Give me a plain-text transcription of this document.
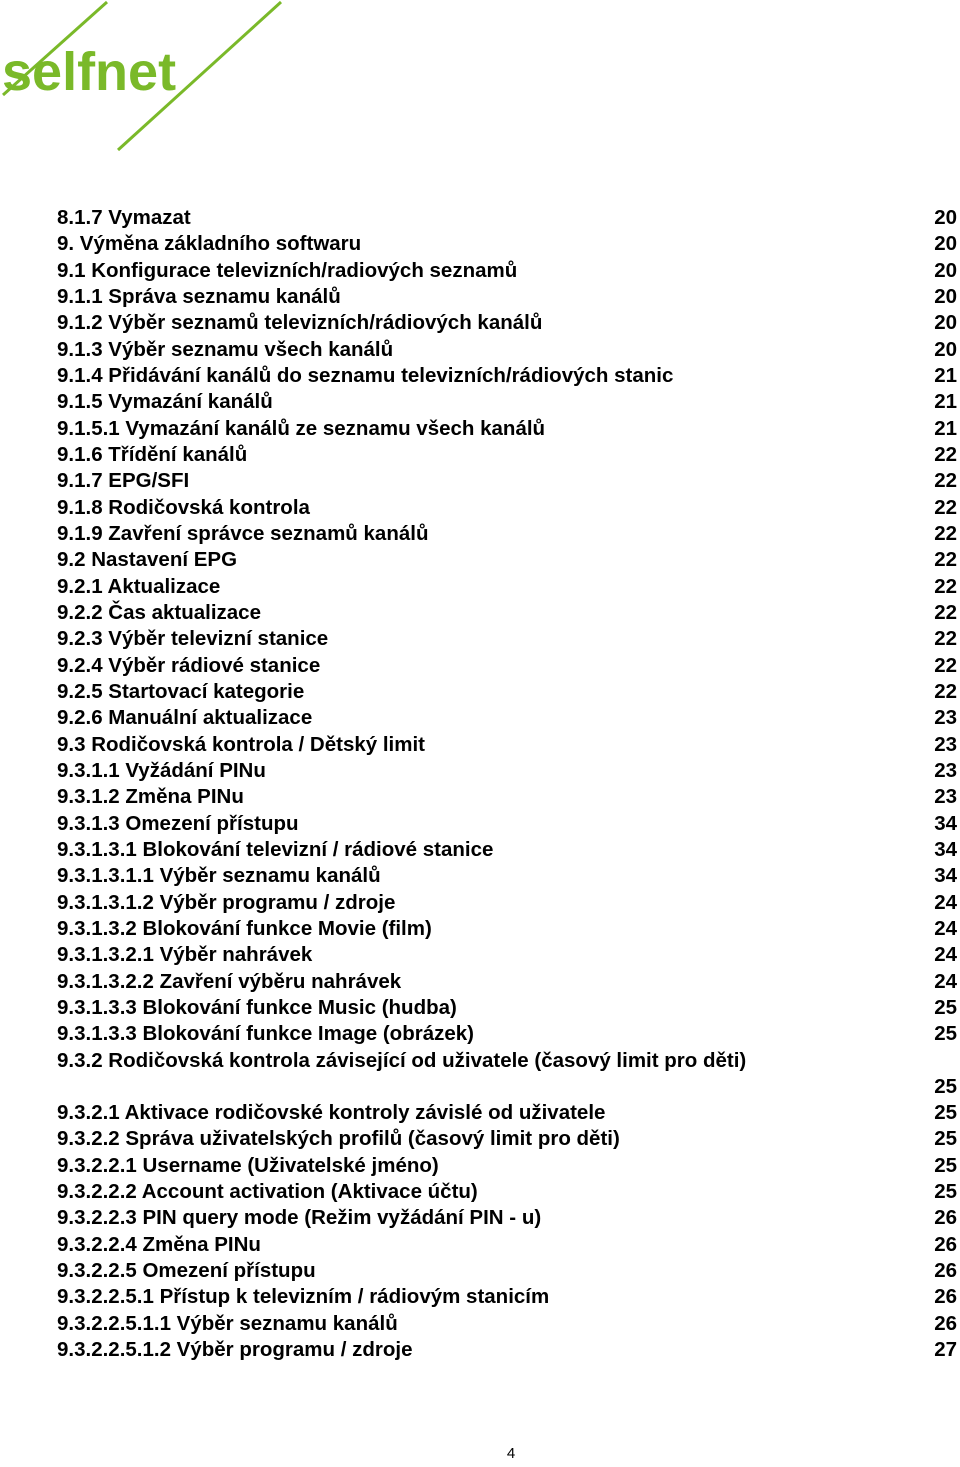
selfnet
8.1.7 Vymazat	20
9. Výměna základního softwaru	20
9.1 Konfigurace televizních/radiových seznamů	20
9.1.1 Správa seznamu kanálů	20
9.1.2 Výběr seznamů televizních/rádiových kanálů	20
9.1.3 Výběr seznamu všech kanálů	20
9.1.4 Přidávání kanálů do seznamu televizních/rádiových stanic	21
9.1.5 Vymazání kanálů	21
9.1.5.1 Vymazání kanálů ze seznamu všech kanálů	21
9.1.6 Třídění kanálů	22
9.1.7 EPG/SFI	22
9.1.8 Rodičovská kontrola	22
9.1.9 Zavření správce seznamů kanálů	22
9.2 Nastavení EPG	22
9.2.1 Aktualizace	22
9.2.2 Čas aktualizace	22
9.2.3 Výběr televizní stanice	22
9.2.4 Výběr rádiové stanice	22
9.2.5 Startovací kategorie	22
9.2.6 Manuální aktualizace	23
9.3 Rodičovská kontrola / Dětský limit	23
9.3.1.1 Vyžádání PINu	23
9.3.1.2 Změna PINu	23
9.3.1.3 Omezení přístupu	34
9.3.1.3.1 Blokování televizní / rádiové stanice	34
9.3.1.3.1.1 Výběr seznamu kanálů	34
9.3.1.3.1.2 Výběr programu / zdroje	24
9.3.1.3.2 Blokování funkce Movie (film)	24
9.3.1.3.2.1 Výběr nahrávek	24
9.3.1.3.2.2 Zavření výběru nahrávek	24
9.3.1.3.3 Blokování funkce Music (hudba)	25
9.3.1.3.3 Blokování funkce Image (obrázek)	25
9.3.2 Rodičovská kontrola závisející od uživatele (časový limit pro děti)
25
9.3.2.1 Aktivace rodičovské kontroly závislé od uživatele	25
9.3.2.2 Správa uživatelských profilů (časový limit pro děti)	25
9.3.2.2.1 Username (Uživatelské jméno)	25
9.3.2.2.2 Account activation (Aktivace účtu)	25
9.3.2.2.3 PIN query mode (Režim vyžádání PIN - u)	26
9.3.2.2.4 Změna PINu	26
9.3.2.2.5 Omezení přístupu	26
9.3.2.2.5.1 Přístup k televizním / rádiovým stanicím	26
9.3.2.2.5.1.1 Výběr seznamu kanálů	26
9.3.2.2.5.1.2 Výběr programu / zdroje	27
4
